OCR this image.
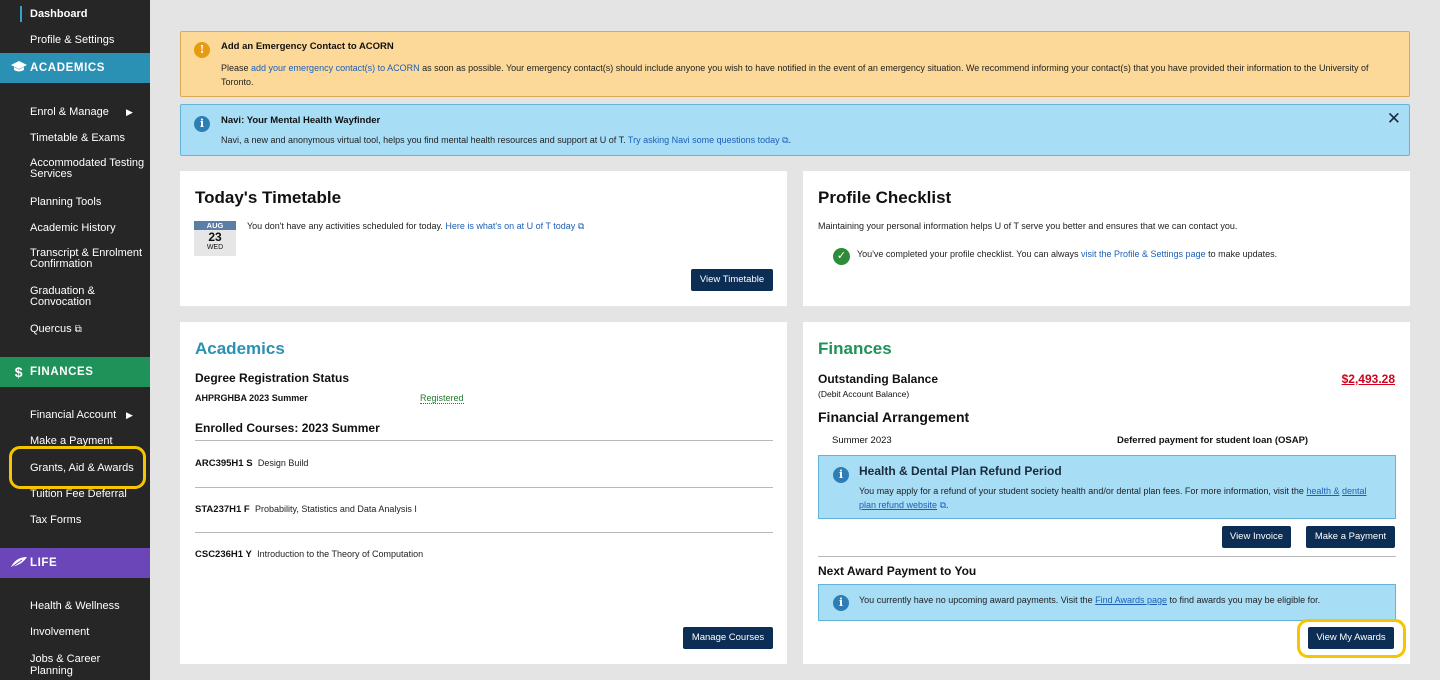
Dashboard
Profile & Settings
ACADEMICS
Enrol & Manage ▶
Timetable & Exams
Accommodated Testing Services
Planning Tools
Academic History
Transcript & Enrolment Confirmation
Graduation & Convocation
Quercus ⧉
$ FINANCES
Financial Account ▶
Make a Payment
Grants, Aid & Awards
Tuition Fee Deferral
Tax Forms
LIFE
Health & Wellness
Involvement
Jobs & Career Planning
!	Add an Emergency Contact to ACORN
Please add your emergency contact(s) to ACORN as soon as possible. Your emergency contact(s) should include anyone you wish to have notified in the event of an emergency situation. We recommend informing your contact(s) that you have provided their information to the University of Toronto.
i	Navi: Your Mental Health Wayfinder
Navi, a new and anonymous virtual tool, helps you find mental health resources and support at U of T. Try asking Navi some questions today ⧉.
✕
Today's Timetable
AUG
23
WED
You don't have any activities scheduled for today. Here is what's on at U of T today ⧉
View Timetable
Profile Checklist
Maintaining your personal information helps U of T serve you better and ensures that we can contact you.
✓	You've completed your profile checklist. You can always visit the Profile & Settings page to make updates.
Academics
Degree Registration Status
AHPRGHBA 2023 Summer	Registered
Enrolled Courses: 2023 Summer
ARC395H1 S Design Build
STA237H1 F Probability, Statistics and Data Analysis I
CSC236H1 Y Introduction to the Theory of Computation
Manage Courses
Finances
Outstanding Balance
(Debit Account Balance)
$2,493.28
Financial Arrangement
Summer 2023	Deferred payment for student loan (OSAP)
i	Health & Dental Plan Refund Period
You may apply for a refund of your student society health and/or dental plan fees. For more information, visit the health & dental plan refund website ⧉.
View Invoice	Make a Payment
Next Award Payment to You
i	You currently have no upcoming award payments. Visit the Find Awards page to find awards you may be eligible for.
View My Awards
